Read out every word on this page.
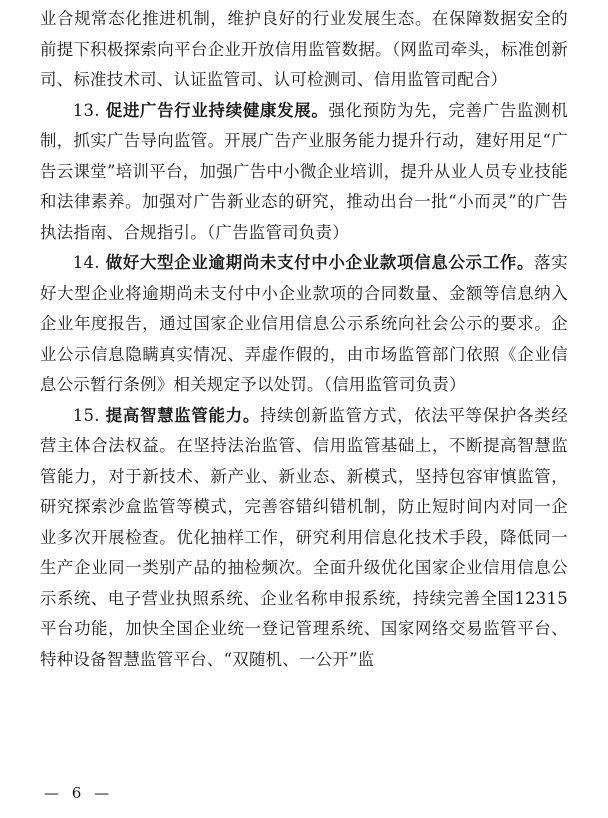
业合规常态化推进机制，维护良好的行业发展生态。在保障数据安全的前提下积极探索向平台企业开放信用监管数据。（网监司牵头，标准创新司、标准技术司、认证监管司、认可检测司、信用监管司配合）

13. 促进广告行业持续健康发展。强化预防为先，完善广告监测机制，抓实广告导向监管。开展广告产业服务能力提升行动，建好用足“广告云课堂”培训平台，加强广告中小微企业培训，提升从业人员专业技能和法律素养。加强对广告新业态的研究，推动出台一批“小而灵”的广告执法指南、合规指引。（广告监管司负责）

14. 做好大型企业逾期尚未支付中小企业款项信息公示工作。落实好大型企业将逾期尚未支付中小企业款项的合同数量、金额等信息纳入企业年度报告，通过国家企业信用信息公示系统向社会公示的要求。企业公示信息隐瞒真实情况、弄虚作假的，由市场监管部门依照《企业信息公示暂行条例》相关规定予以处罚。（信用监管司负责）

15. 提高智慧监管能力。持续创新监管方式，依法平等保护各类经营主体合法权益。在坚持法治监管、信用监管基础上，不断提高智慧监管能力，对于新技术、新产业、新业态、新模式，坚持包容审慎监管，研究探索沙盒监管等模式，完善容错纠错机制，防止短时间内对同一企业多次开展检查。优化抽样工作，研究利用信息化技术手段，降低同一生产企业同一类别产品的抽检频次。全面升级优化国家企业信用信息公示系统、电子营业执照系统、企业名称申报系统，持续完善全国12315平台功能，加快全国企业统一登记管理系统、国家网络交易监管平台、特种设备智慧监管平台、“双随机、一公开”监

— 6 —
